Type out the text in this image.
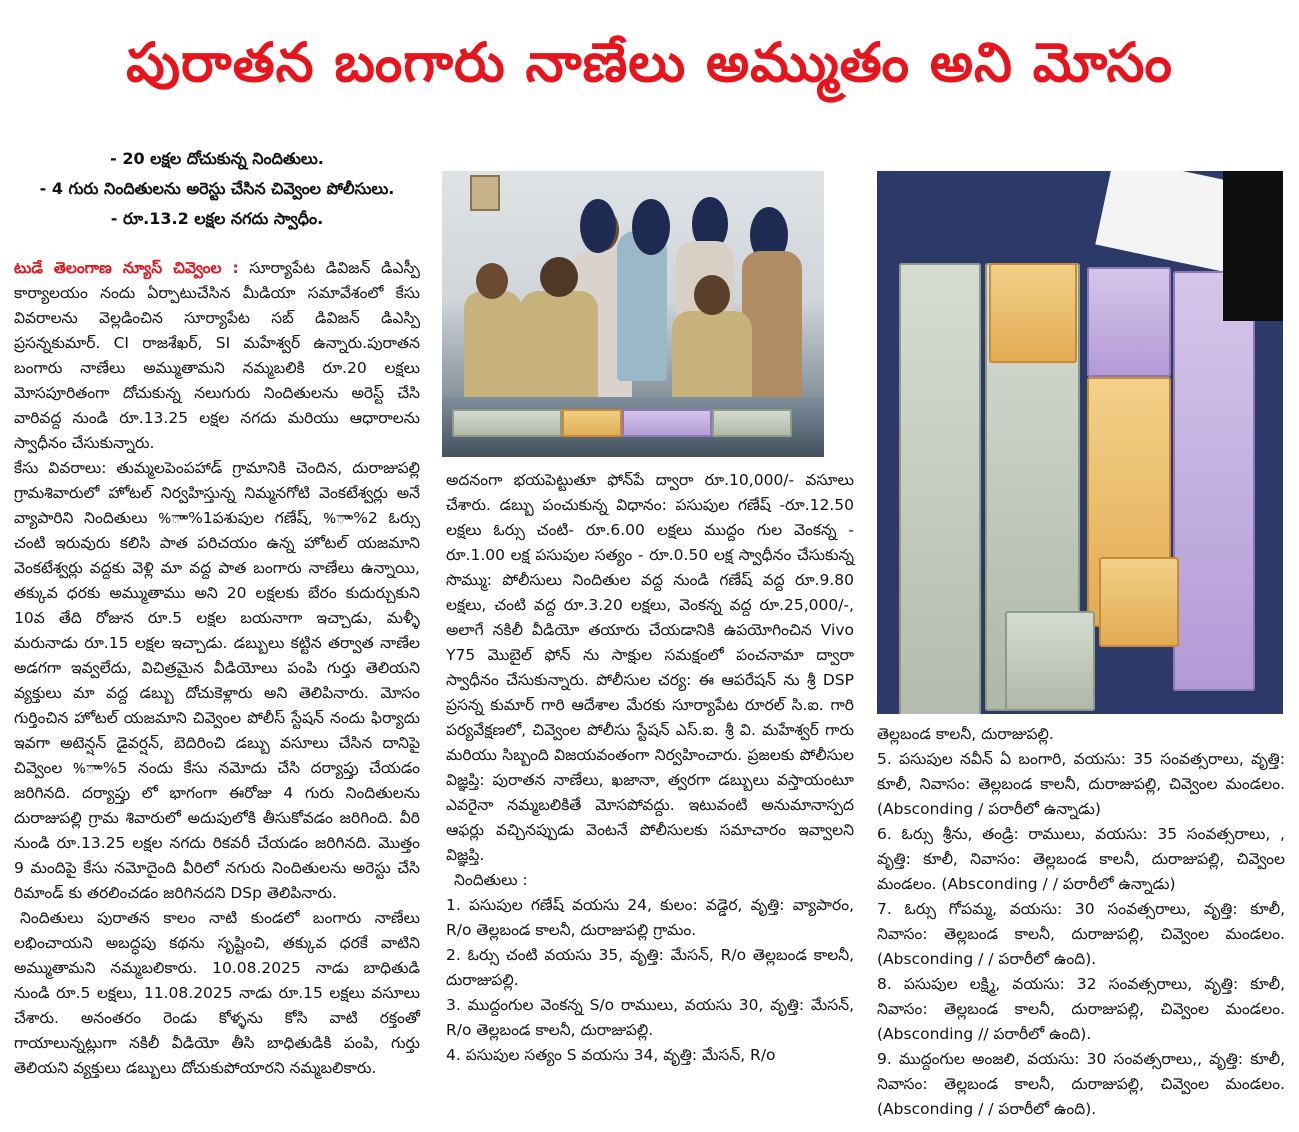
పురాతన బంగారు నాణేలు అమ్ముతం అని మోసం
- 20 లక్షల దోచుకున్న నిందితులు.
- 4 గురు నిందితులను అరెస్టు చేసిన చివ్వెంల పోలీసులు.
- రూ.13.2 లక్షల నగదు స్వాధీం.

టుడే తెలంగాణ న్యూస్ చివ్వెంల : సూర్యాపేట డివిజన్ డిఎస్పీ కార్యాలయం నందు ఏర్పాటుచేసిన మీడియా సమావేశంలో కేసు వివరాలను వెల్లడించిన సూర్యాపేట సబ్ డివిజన్ డిఎస్పి ప్రసన్నకుమార్. CI రాజశేఖర్, SI మహేశ్వర్ ఉన్నారు.పురాతన బంగారు నాణేలు అమ్ముతామని నమ్మబలికి రూ.20 లక్షలు మోసపూరితంగా దోచుకున్న నలుగురు నిందితులను అరెస్ట్ చేసి వారివద్ద నుండి రూ.13.25 లక్షల నగదు మరియు ఆధారాలను స్వాధీనం చేసుకున్నారు.

కేసు వివరాలు: తుమ్మలపెంపహాడ్ గ్రామానికి చెందిన, దురాజుపల్లి గ్రామశివారులో హోటల్ నిర్వహిస్తున్న నిమ్మనగోటి వెంకటేశ్వర్లు అనే వ్యాపారిని నిందితులు %ాా%1పశుపుల గణేష్, %ాా%2 ఓర్సు చంటి ఇరువురు కలిసి పాత పరిచయం ఉన్న హోటల్ యజమాని వెంకటేశ్వర్లు వద్దకు వెళ్లి మా వద్ద పాత బంగారు నాణేలు ఉన్నాయి, తక్కువ ధరకు అమ్ముతాము అని 20 లక్షలకు బేరం కుదుర్చుకుని 10వ తేది రోజున రూ.5 లక్షల బయనాగా ఇచ్చాడు, మళ్ళీ మరునాడు రూ.15 లక్షల ఇచ్చాడు. డబ్బులు కట్టిన తర్వాత నాణేల అడగగా ఇవ్వలేదు, విచిత్రమైన వీడియోలు పంపి గుర్తు తెలియని వ్యక్తులు మా వద్ద డబ్బు దోచుకెళ్లారు అని తెలిపినారు. మోసం గుర్తించిన హోటల్ యజమాని చివ్వెంల పోలీస్ స్టేషన్ నందు ఫిర్యాదు ఇవగా అటెన్షన్ డైవర్షన్, బెదిరించి డబ్బు వసూలు చేసిన దానిపై చివ్వెంల %ాా%5 నందు కేసు నమోదు చేసి దర్యాప్తు చేయడం జరిగినది. దర్యాప్తు లో భాగంగా ఈరోజు 4 గురు నిందితులను దురాజుపల్లి గ్రామ శివారులో అదుపులోకి తీసుకోవడం జరిగింది. వీరి నుండి రూ.13.25 లక్షల నగదు రికవరీ చేయడం జరిగినది. మొత్తం 9 మందిపై కేసు నమోదైంది వీరిలో నగురు నిందితులను అరెస్టు చేసి రిమాండ్ కు తరలించడం జరిగినదని DSp తెలిపినారు.

నిందితులు పురాతన కాలం నాటి కుండలో బంగారు నాణేలు లభించాయని అబద్ధపు కథను సృష్టించి, తక్కువ ధరకే వాటిని అమ్ముతామని నమ్మబలికారు. 10.08.2025 నాడు బాధితుడి నుండి రూ.5 లక్షలు, 11.08.2025 నాడు రూ.15 లక్షలు వసూలు చేశారు. అనంతరం రెండు కోళ్ళను కోసి వాటి రక్తంతో గాయాలున్నట్లుగా నకిలీ వీడియో తీసి బాధితుడికి పంపి, గుర్తు తెలియని వ్యక్తులు డబ్బులు దోచుకుపోయారని నమ్మబలికారు.

అదనంగా భయపెట్టుతూ ఫోన్‌పే ద్వారా రూ.10,000/- వసూలు చేశారు. డబ్బు పంచుకున్న విధానం: పసుపుల గణేష్ -రూ.12.50 లక్షలు ఓర్సు చంటి- రూ.6.00 లక్షలు ముద్దం గుల వెంకన్న - రూ.1.00 లక్ష పసుపుల సత్యం - రూ.0.50 లక్ష స్వాధీనం చేసుకున్న సొమ్ము: పోలీసులు నిందితుల వద్ద నుండి గణేష్ వద్ద రూ.9.80 లక్షలు, చంటి వద్ద రూ.3.20 లక్షలు, వెంకన్న వద్ద రూ.25,000/-, అలాగే నకిలీ వీడియో తయారు చేయడానికి ఉపయోగించిన Vivo Y75 మొబైల్ ఫోన్ ను సాక్షుల సమక్షంలో పంచనామా ద్వారా స్వాధీనం చేసుకున్నారు. పోలీసుల చర్య: ఈ ఆపరేషన్ ను శ్రీ DSP ప్రసన్న కుమార్ గారి ఆదేశాల మేరకు సూర్యాపేట రూరల్ సి.ఐ. గారి పర్యవేక్షణలో, చివ్వెంల పోలీసు స్టేషన్ ఎస్.ఐ. శ్రీ వి. మహేశ్వర్ గారు మరియు సిబ్బంది విజయవంతంగా నిర్వహించారు. ప్రజలకు పోలీసుల విజ్ఞప్తి: పురాతన నాణేలు, ఖజానా, త్వరగా డబ్బులు వస్తాయంటూ ఎవరైనా నమ్మబలికితే మోసపోవద్దు. ఇటువంటి అనుమానాస్పద ఆఫర్లు వచ్చినప్పుడు వెంటనే పోలీసులకు సమాచారం ఇవ్వాలని విజ్ఞప్తి.

నిందితులు :

1. పసుపుల గణేష్ వయసు 24, కులం: వడ్డెర, వృత్తి: వ్యాపారం, R/o తెల్లబండ కాలనీ, దురాజుపల్లి గ్రామం.

2. ఓర్సు చంటి వయసు 35, వృత్తి: మేసన్, R/o తెల్లబండ కాలనీ, దురాజుపల్లి.

3. ముద్దంగుల వెంకన్న S/o రాములు, వయసు 30, వృత్తి: మేసన్, R/o తెల్లబండ కాలనీ, దురాజుపల్లి.

4. పసుపుల సత్యం S వయసు 34, వృత్తి: మేసన్, R/o

తెల్లబండ కాలనీ, దురాజుపల్లి.

5. పసుపుల నవీన్ ఏ బంగారి, వయసు: 35 సంవత్సరాలు, వృత్తి: కూలీ, నివాసం: తెల్లబండ కాలనీ, దురాజుపల్లి, చివ్వెంల మండలం. (Absconding / పరారీలో ఉన్నాడు)

6. ఓర్సు శ్రీను, తండ్రి: రాములు, వయసు: 35 సంవత్సరాలు, , వృత్తి: కూలీ, నివాసం: తెల్లబండ కాలనీ, దురాజుపల్లి, చివ్వెంల మండలం. (Absconding / / పరారీలో ఉన్నాడు)

7. ఓర్సు గోపమ్మ, వయసు: 30 సంవత్సరాలు, వృత్తి: కూలీ, నివాసం: తెల్లబండ కాలనీ, దురాజుపల్లి, చివ్వెంల మండలం. (Absconding / / పరారీలో ఉంది).

8. పసుపుల లక్ష్మి, వయసు: 32 సంవత్సరాలు, వృత్తి: కూలీ, నివాసం: తెల్లబండ కాలనీ, దురాజుపల్లి, చివ్వెంల మండలం. (Absconding // పరారీలో ఉంది).

9. ముద్దంగుల అంజలి, వయసు: 30 సంవత్సరాలు,, వృత్తి: కూలీ, నివాసం: తెల్లబండ కాలనీ, దురాజుపల్లి, చివ్వెంల మండలం. (Absconding / / పరారీలో ఉంది).
